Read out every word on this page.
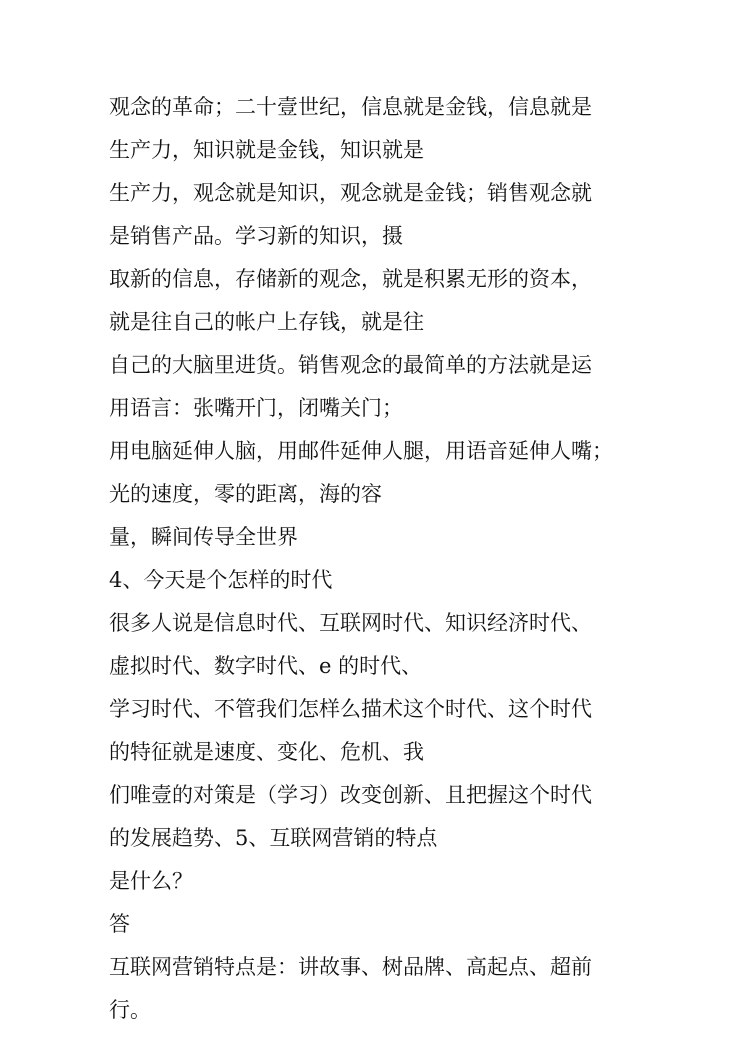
观念的革命；二十壹世纪，信息就是金钱，信息就是

生产力，知识就是金钱，知识就是

生产力，观念就是知识，观念就是金钱；销售观念就

是销售产品。学习新的知识，摄

取新的信息，存储新的观念，就是积累无形的资本，

就是往自己的帐户上存钱，就是往

自己的大脑里进货。销售观念的最简单的方法就是运

用语言：张嘴开门，闭嘴关门；

用电脑延伸人脑，用邮件延伸人腿，用语音延伸人嘴；

光的速度，零的距离，海的容

量，瞬间传导全世界

4、今天是个怎样的时代

很多人说是信息时代、互联网时代、知识经济时代、

虚拟时代、数字时代、e 的时代、

学习时代、不管我们怎样么描术这个时代、这个时代

的特征就是速度、变化、危机、我

们唯壹的对策是（学习）改变创新、且把握这个时代

的发展趋势、5、互联网营销的特点

是什么？

答

互联网营销特点是：讲故事、树品牌、高起点、超前

行。
